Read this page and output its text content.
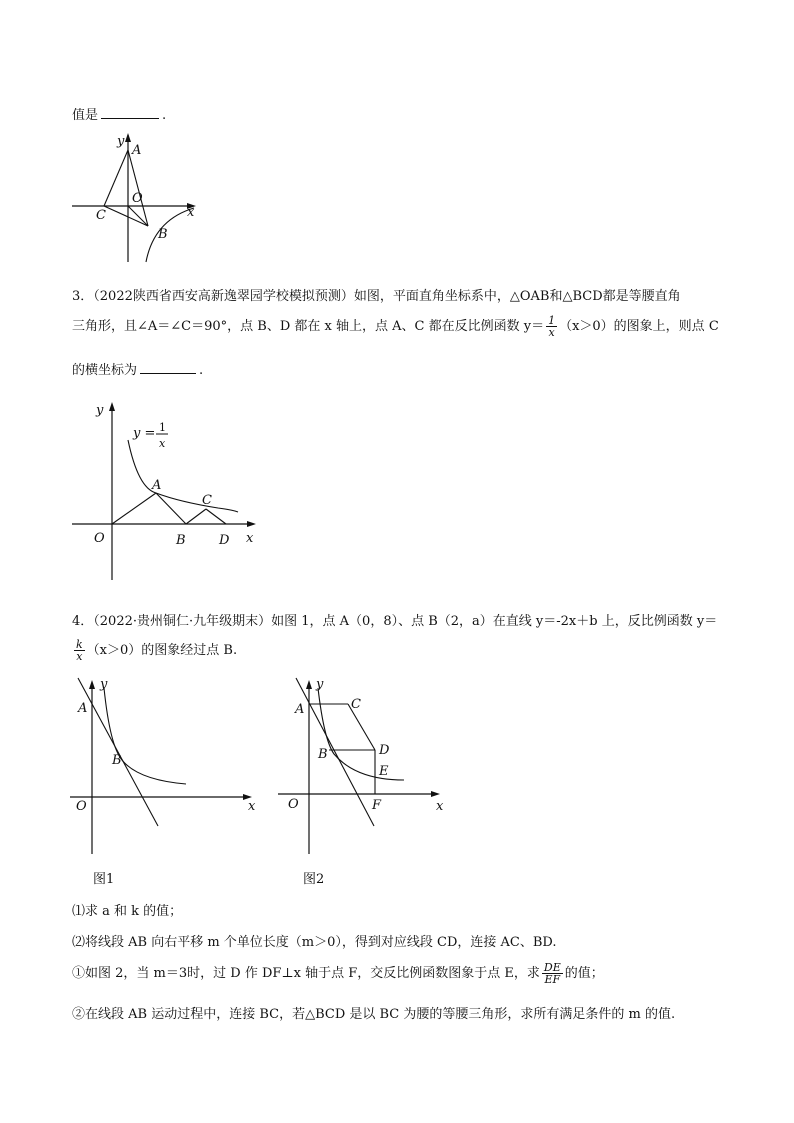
值是	.
y
A
O
x
C
B
3．（2022陕西省西安高新逸翠园学校模拟预测）如图，平面直角坐标系中，△OAB和△BCD都是等腰直角
三角形，且∠A＝∠C＝90°，点 B、D 都在 x 轴上，点 A、C 都在反比例函数 $y= \frac{1}{x} (x>0)$的图象上，则点 C
的横坐标为	.
y
y = 1
x
A
C
O	B	D x
4．（2022·贵州铜仁·九年级期末）如图 1，点 A（0，8）、点 B（2，a）在直线 y＝-2x＋b 上，反比例函数 y＝
$\frac{k}{x} (x>0)$的图象经过点 B.
y
A
B
O	x
图1
y
A	C
B	D
E
O	F	x
图2
⑴求 a 和 k 的值；
⑵将线段 AB 向右平移 m 个单位长度（m＞0），得到对应线段 CD，连接 AC、BD.
①如图 2，当 m＝3时，过 D 作 DF⊥x 轴于点 F，交反比例函数图象于点 E，求 $\frac{DE}{EF}$ 的值；
②在线段 AB 运动过程中，连接 BC，若△BCD 是以 BC 为腰的等腰三角形，求所有满足条件的 m 的值.
